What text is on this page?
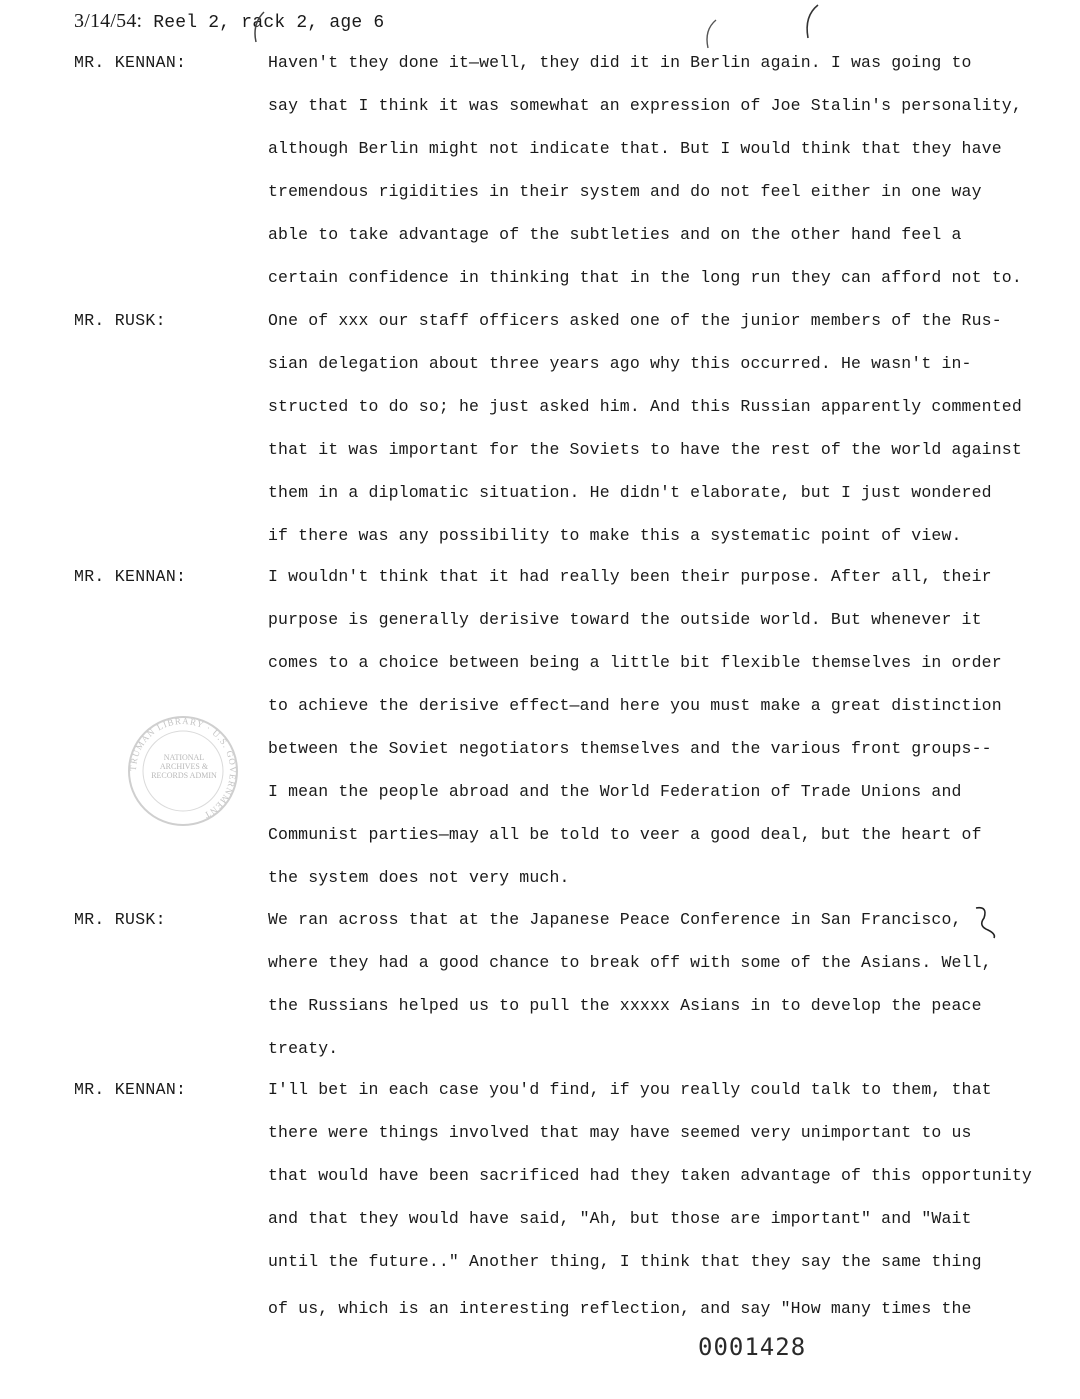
3/14/54: Reel 2, rack 2, age 6
MR. KENNAN:	Haven't they done it—well, they did it in Berlin again. I was going to
say that I think it was somewhat an expression of Joe Stalin's personality,
although Berlin might not indicate that. But I would think that they have
tremendous rigidities in their system and do not feel either in one way
able to take advantage of the subtleties and on the other hand feel a
certain confidence in thinking that in the long run they can afford not to.
MR. RUSK:	One of xxx our staff officers asked one of the junior members of the Rus-
sian delegation about three years ago why this occurred. He wasn't in-
structed to do so; he just asked him. And this Russian apparently commented
that it was important for the Soviets to have the rest of the world against
them in a diplomatic situation. He didn't elaborate, but I just wondered
if there was any possibility to make this a systematic point of view.
MR. KENNAN:	I wouldn't think that it had really been their purpose. After all, their
purpose is generally derisive toward the outside world. But whenever it
comes to a choice between being a little bit flexible themselves in order
to achieve the derisive effect—and here you must make a great distinction
between the Soviet negotiators themselves and the various front groups--
I mean the people abroad and the World Federation of Trade Unions and
Communist parties—may all be told to veer a good deal, but the heart of
the system does not very much.
MR. RUSK:	We ran across that at the Japanese Peace Conference in San Francisco,
where they had a good chance to break off with some of the Asians. Well,
the Russians helped us to pull the xxxxx Asians in to develop the peace
treaty.
MR. KENNAN:	I'll bet in each case you'd find, if you really could talk to them, that
there were things involved that may have seemed very unimportant to us
that would have been sacrificed had they taken advantage of this opportunity
and that they would have said, "Ah, but those are important" and "Wait
until the future.." Another thing, I think that they say the same thing
of us, which is an interesting reflection, and say "How many times the
TRUMAN LIBRARY · U.S. GOVERNMENT
NATIONAL ARCHIVES & RECORDS ADMIN
0001428
